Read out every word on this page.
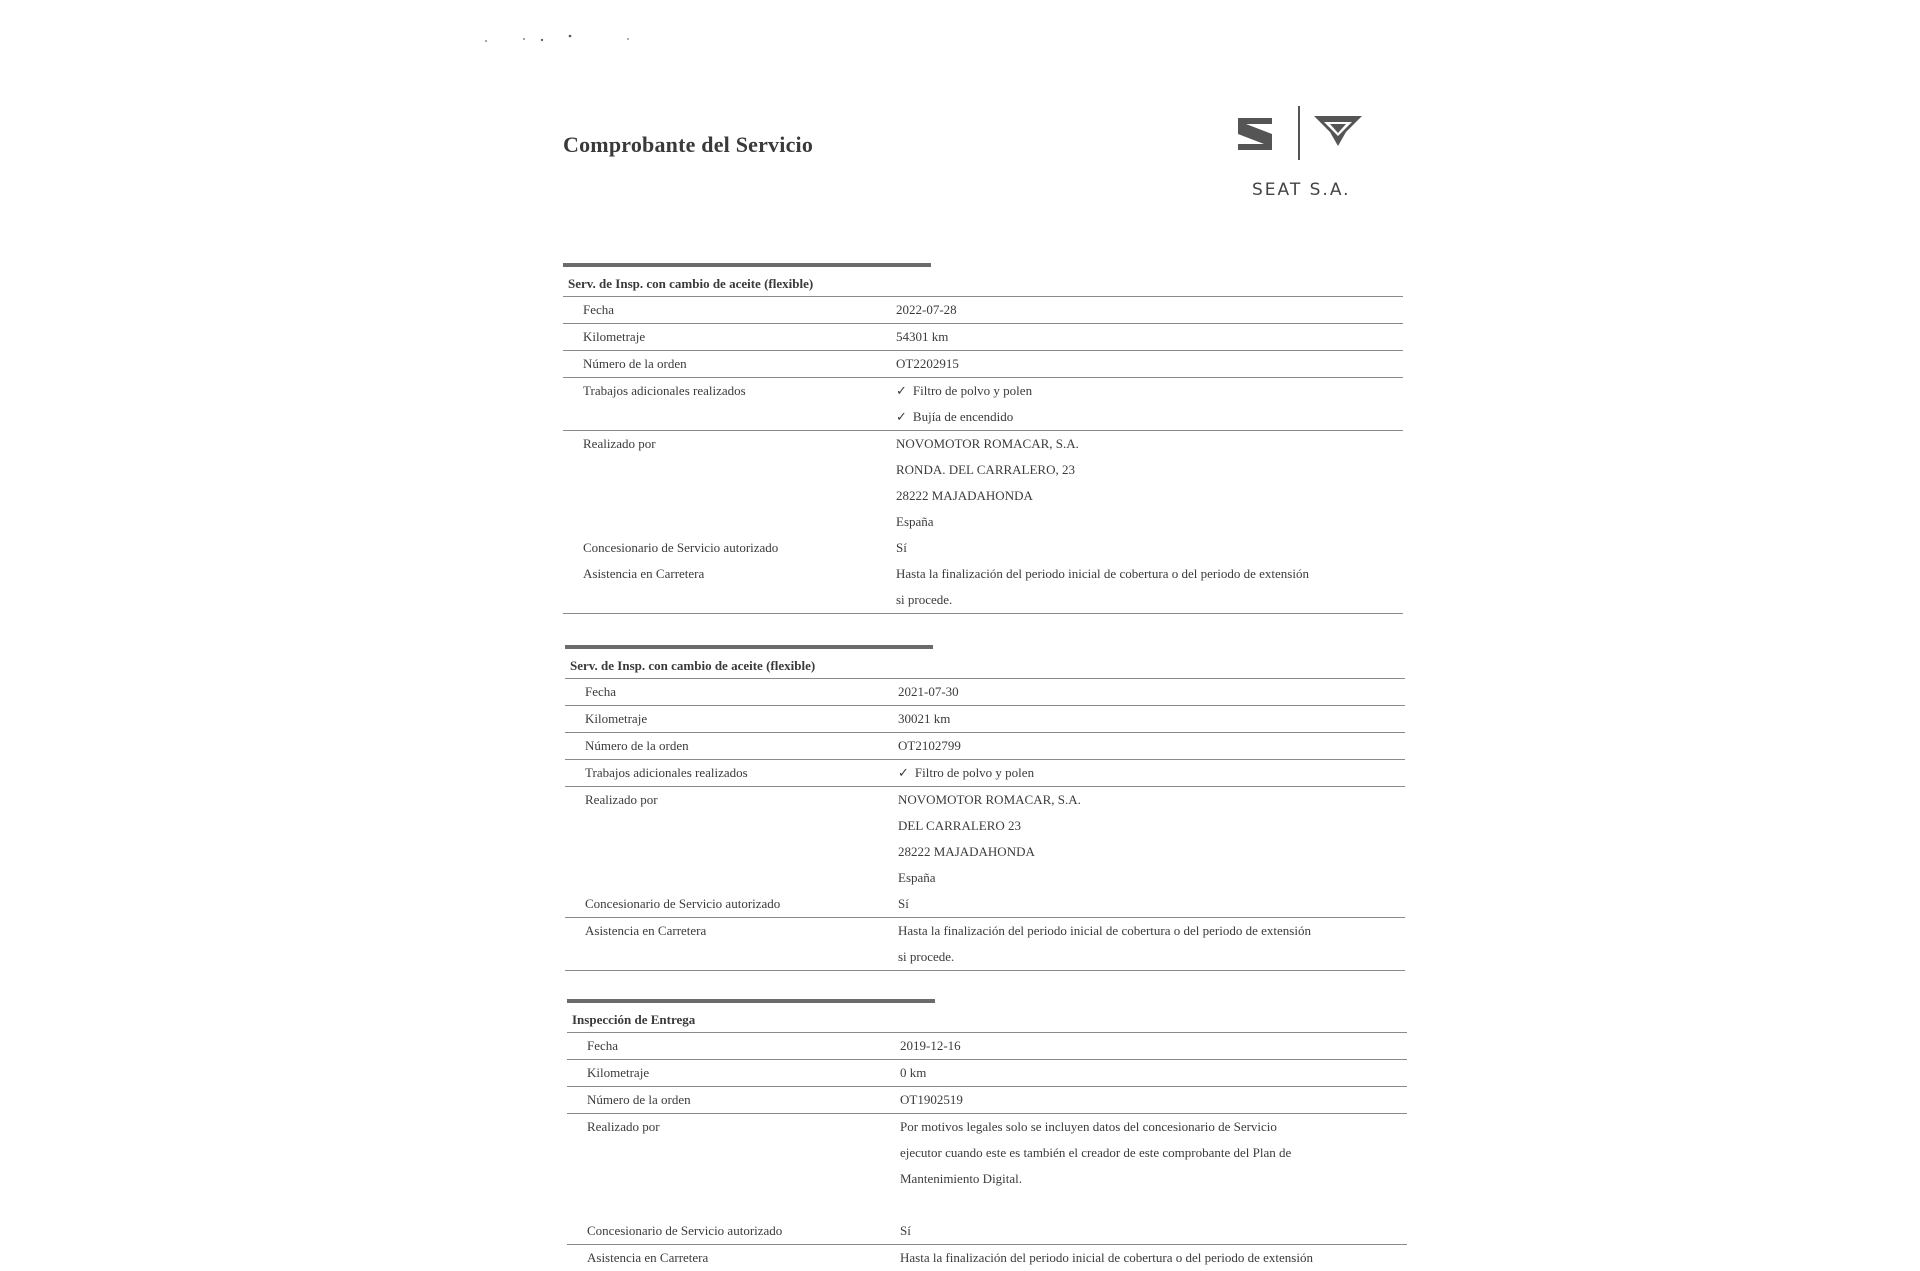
Comprobante del Servicio
SEAT S.A.
Serv. de Insp. con cambio de aceite (flexible)
Fecha	2022-07-28
Kilometraje	54301 km
Número de la orden	OT2202915
Trabajos adicionales realizados	✓ Filtro de polvo y polen
✓ Bujía de encendido
Realizado por	NOVOMOTOR ROMACAR, S.A.
RONDA. DEL CARRALERO, 23
28222 MAJADAHONDA
España
Concesionario de Servicio autorizado	Sí
Asistencia en Carretera	Hasta la finalización del periodo inicial de cobertura o del periodo de extensión
si procede.
Serv. de Insp. con cambio de aceite (flexible)
Fecha	2021-07-30
Kilometraje	30021 km
Número de la orden	OT2102799
Trabajos adicionales realizados	✓ Filtro de polvo y polen
Realizado por	NOVOMOTOR ROMACAR, S.A.
DEL CARRALERO 23
28222 MAJADAHONDA
España
Concesionario de Servicio autorizado	Sí
Asistencia en Carretera	Hasta la finalización del periodo inicial de cobertura o del periodo de extensión
si procede.
Inspección de Entrega
Fecha	2019-12-16
Kilometraje	0 km
Número de la orden	OT1902519
Realizado por	Por motivos legales solo se incluyen datos del concesionario de Servicio
ejecutor cuando este es también el creador de este comprobante del Plan de
Mantenimiento Digital.
Concesionario de Servicio autorizado	Sí
Asistencia en Carretera	Hasta la finalización del periodo inicial de cobertura o del periodo de extensión
